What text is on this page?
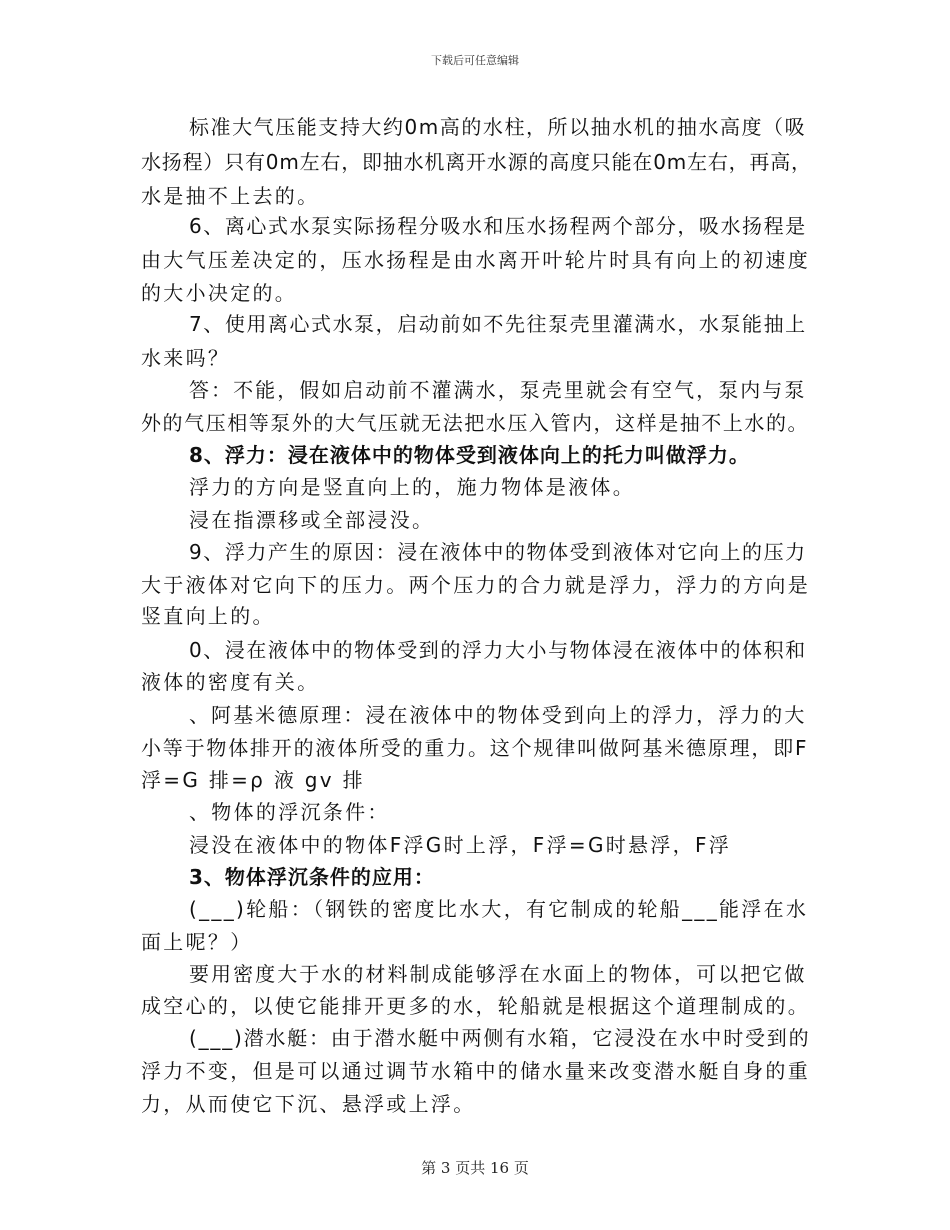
下载后可任意编辑
标准大气压能支持大约0m高的水柱，所以抽水机的抽水高度（吸
水扬程）只有0m左右，即抽水机离开水源的高度只能在0m左右，再高，
水是抽不上去的。
6、离心式水泵实际扬程分吸水和压水扬程两个部分，吸水扬程是
由大气压差决定的，压水扬程是由水离开叶轮片时具有向上的初速度
的大小决定的。
7、使用离心式水泵，启动前如不先往泵壳里灌满水，水泵能抽上
水来吗？
答：不能，假如启动前不灌满水，泵壳里就会有空气，泵内与泵
外的气压相等泵外的大气压就无法把水压入管内，这样是抽不上水的。
8、浮力：浸在液体中的物体受到液体向上的托力叫做浮力。
浮力的方向是竖直向上的，施力物体是液体。
浸在指漂移或全部浸没。
9、浮力产生的原因：浸在液体中的物体受到液体对它向上的压力
大于液体对它向下的压力。两个压力的合力就是浮力，浮力的方向是
竖直向上的。
0、浸在液体中的物体受到的浮力大小与物体浸在液体中的体积和
液体的密度有关。
、阿基米德原理：浸在液体中的物体受到向上的浮力，浮力的大
小等于物体排开的液体所受的重力。这个规律叫做阿基米德原理，即F
浮=G 排=ρ 液 gv 排
、物体的浮沉条件：
浸没在液体中的物体F浮G时上浮，F浮=G时悬浮，F浮
3、物体浮沉条件的应用：
(___)轮船：（钢铁的密度比水大，有它制成的轮船___能浮在水
面上呢？）
要用密度大于水的材料制成能够浮在水面上的物体，可以把它做
成空心的，以使它能排开更多的水，轮船就是根据这个道理制成的。
(___)潜水艇：由于潜水艇中两侧有水箱，它浸没在水中时受到的
浮力不变，但是可以通过调节水箱中的储水量来改变潜水艇自身的重
力，从而使它下沉、悬浮或上浮。
第 3 页共 16 页
